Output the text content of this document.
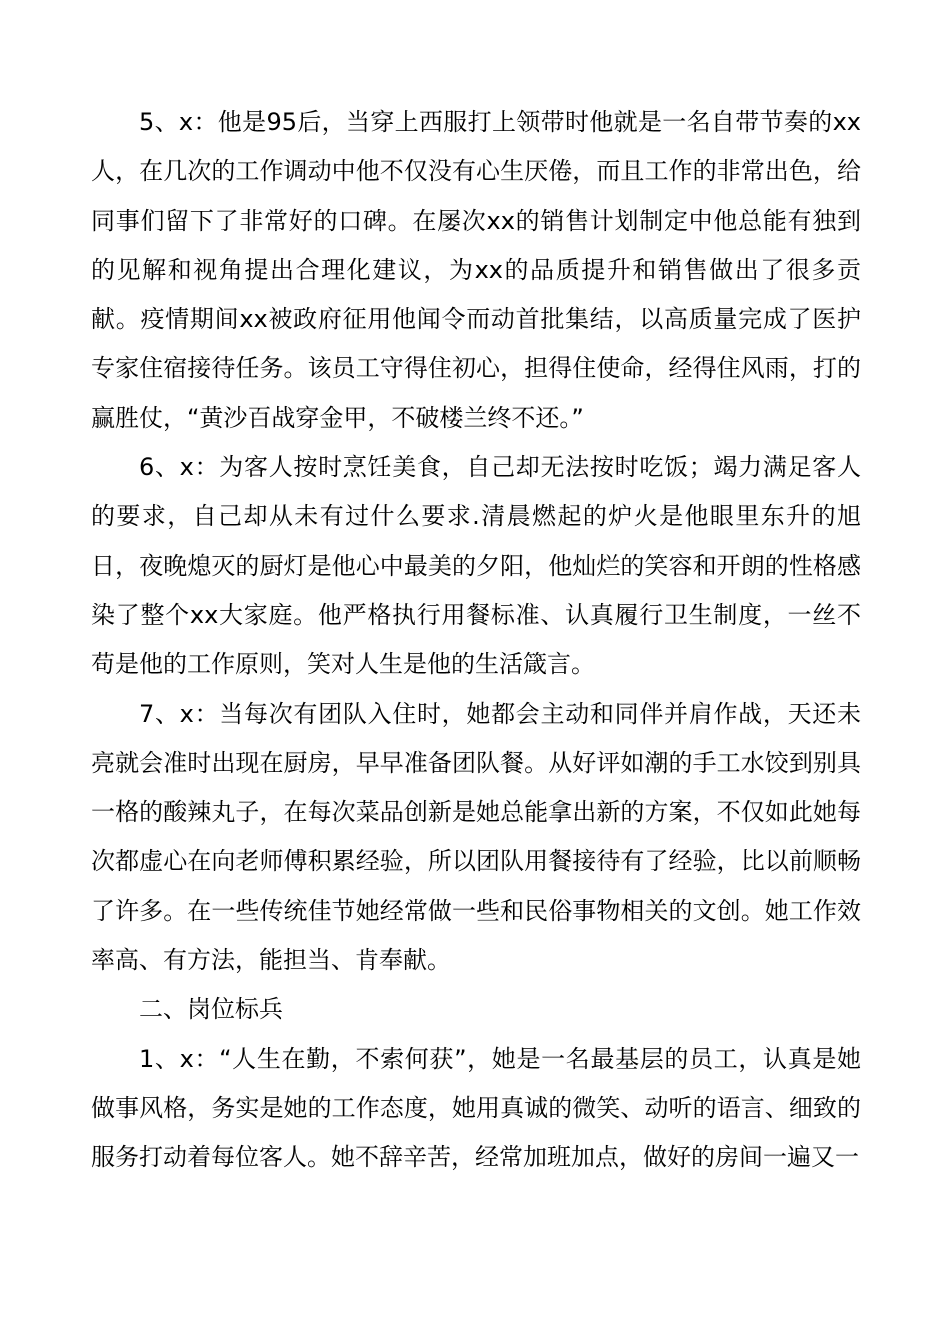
5、x：他是95后，当穿上西服打上领带时他就是一名自带节奏的xx人，在几次的工作调动中他不仅没有心生厌倦，而且工作的非常出色，给同事们留下了非常好的口碑。在屡次xx的销售计划制定中他总能有独到的见解和视角提出合理化建议，为xx的品质提升和销售做出了很多贡献。疫情期间xx被政府征用他闻令而动首批集结，以高质量完成了医护专家住宿接待任务。该员工守得住初心，担得住使命，经得住风雨，打的赢胜仗，“黄沙百战穿金甲，不破楼兰终不还。”

6、x：为客人按时烹饪美食，自己却无法按时吃饭；竭力满足客人的要求，自己却从未有过什么要求.清晨燃起的炉火是他眼里东升的旭日，夜晚熄灭的厨灯是他心中最美的夕阳，他灿烂的笑容和开朗的性格感染了整个xx大家庭。他严格执行用餐标准、认真履行卫生制度，一丝不苟是他的工作原则，笑对人生是他的生活箴言。

7、x：当每次有团队入住时，她都会主动和同伴并肩作战，天还未亮就会准时出现在厨房，早早准备团队餐。从好评如潮的手工水饺到别具一格的酸辣丸子，在每次菜品创新是她总能拿出新的方案，不仅如此她每次都虚心在向老师傅积累经验，所以团队用餐接待有了经验，比以前顺畅了许多。在一些传统佳节她经常做一些和民俗事物相关的文创。她工作效率高、有方法，能担当、肯奉献。

二、岗位标兵

1、x：“人生在勤，不索何获”，她是一名最基层的员工，认真是她做事风格，务实是她的工作态度，她用真诚的微笑、动听的语言、细致的服务打动着每位客人。她不辞辛苦，经常加班加点，做好的房间一遍又一
